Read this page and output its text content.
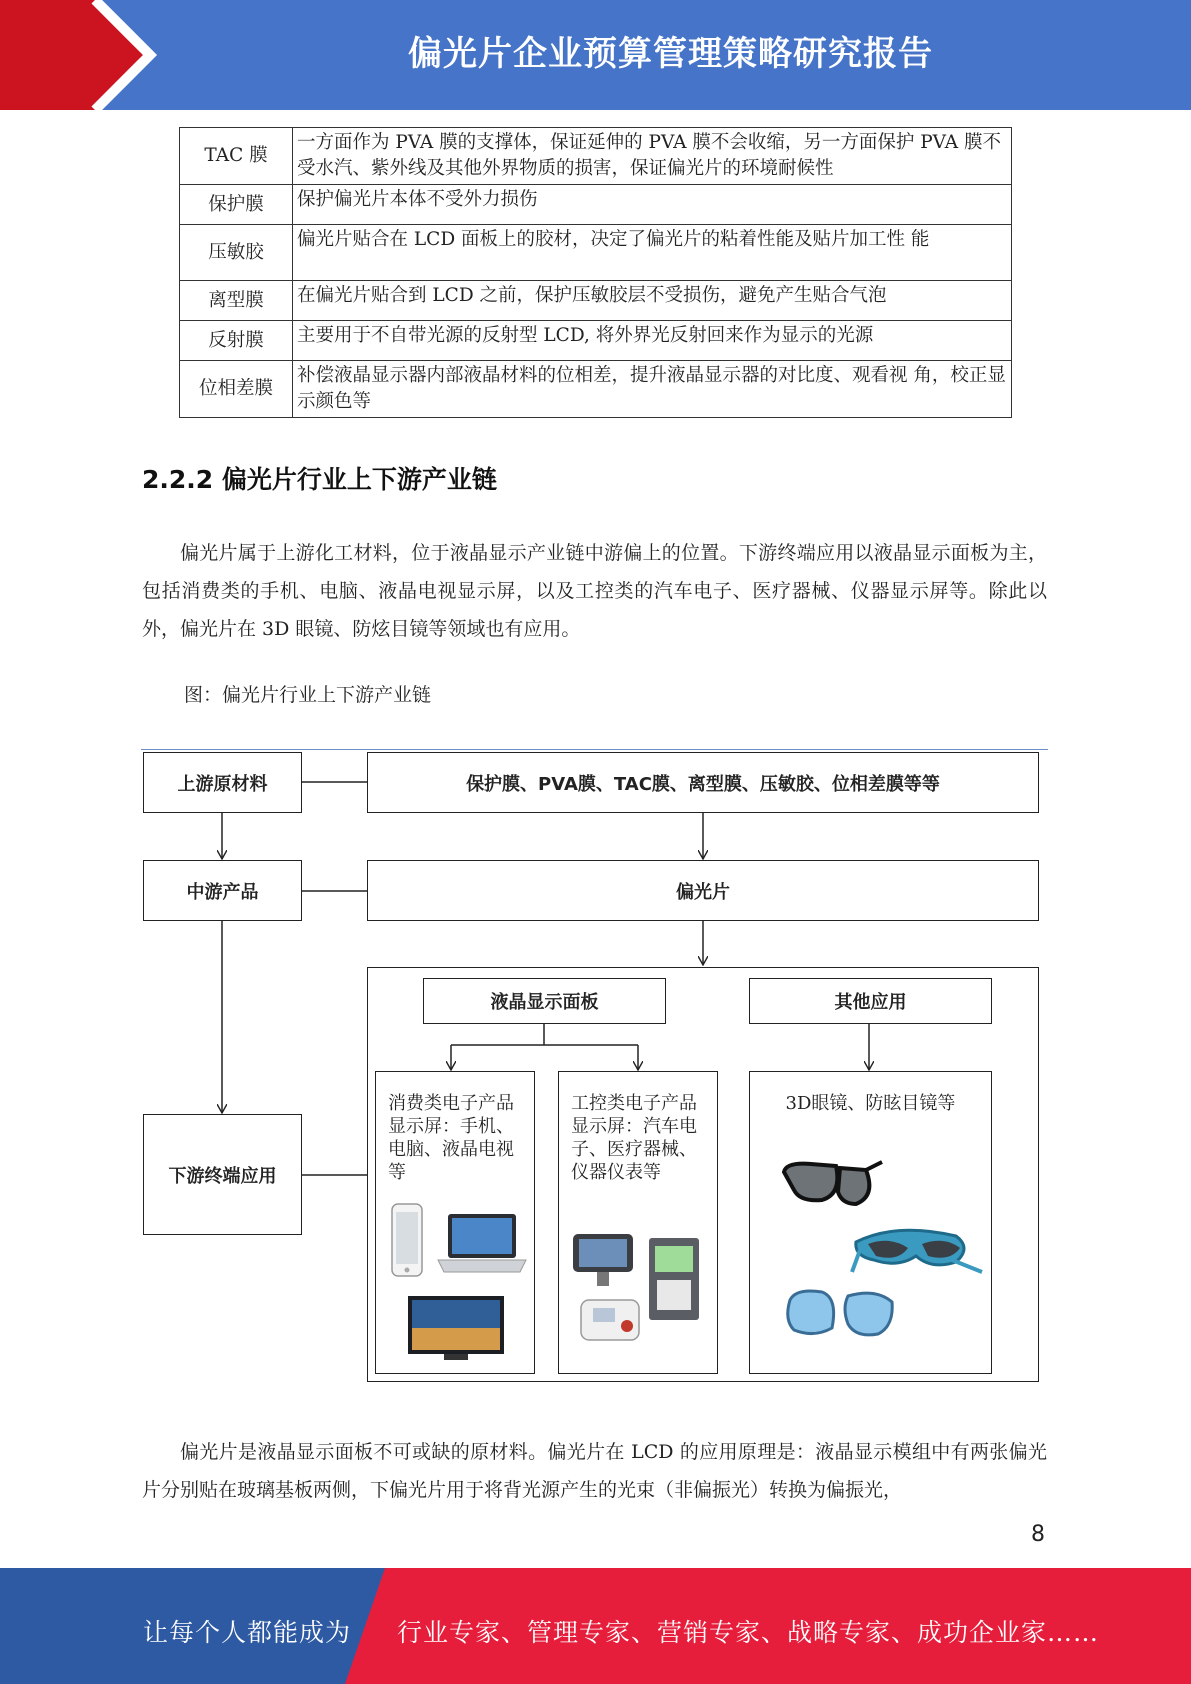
偏光片企业预算管理策略研究报告
TAC 膜	一方面作为 PVA 膜的支撑体，保证延伸的 PVA 膜不会收缩，另一方面保护 PVA 膜不受水汽、紫外线及其他外界物质的损害，保证偏光片的环境耐候性
保护膜	保护偏光片本体不受外力损伤
压敏胶	偏光片贴合在 LCD 面板上的胶材，决定了偏光片的粘着性能及贴片加工性 能
离型膜	在偏光片贴合到 LCD 之前，保护压敏胶层不受损伤，避免产生贴合气泡
反射膜	主要用于不自带光源的反射型 LCD, 将外界光反射回来作为显示的光源
位相差膜	补偿液晶显示器内部液晶材料的位相差，提升液晶显示器的对比度、观看视 角，校正显示颜色等
2.2.2 偏光片行业上下游产业链

偏光片属于上游化工材料，位于液晶显示产业链中游偏上的位置。下游终端应用以液晶显示面板为主，包括消费类的手机、电脑、液晶电视显示屏，以及工控类的汽车电子、医疗器械、仪器显示屏等。除此以外，偏光片在 3D 眼镜、防炫目镜等领域也有应用。

图：偏光片行业上下游产业链
上游原材料	保护膜、PVA膜、TAC膜、离型膜、压敏胶、位相差膜等等
中游产品	偏光片
下游终端应用
液晶显示面板	其他应用
消费类电子产品显示屏：手机、电脑、液晶电视等
工控类电子产品显示屏：汽车电子、医疗器械、仪器仪表等
3D眼镜、防眩目镜等

偏光片是液晶显示面板不可或缺的原材料。偏光片在 LCD 的应用原理是：液晶显示模组中有两张偏光片分别贴在玻璃基板两侧，下偏光片用于将背光源产生的光束（非偏振光）转换为偏振光，

8
让每个人都能成为 行业专家、管理专家、营销专家、战略专家、成功企业家……
